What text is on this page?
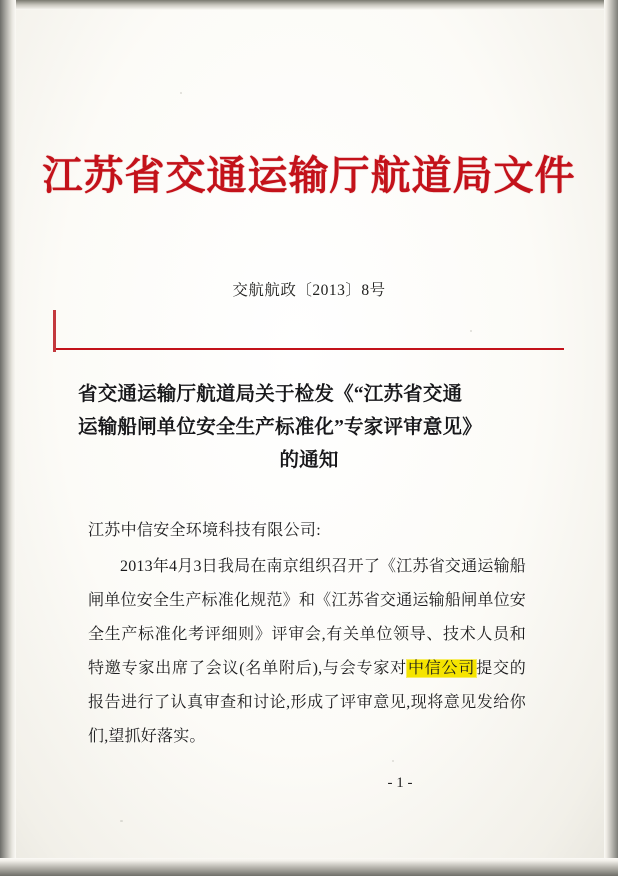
江苏省交通运输厅航道局文件
交航航政〔2013〕8号
省交通运输厅航道局关于检发《“江苏省交通
运输船闸单位安全生产标准化”专家评审意见》
的通知
江苏中信安全环境科技有限公司:

2013年4月3日我局在南京组织召开了《江苏省交通运输船闸单位安全生产标准化规范》和《江苏省交通运输船闸单位安全生产标准化考评细则》评审会,有关单位领导、技术人员和特邀专家出席了会议(名单附后),与会专家对中信公司提交的报告进行了认真审查和讨论,形成了评审意见,现将意见发给你们,望抓好落实。

- 1 -
